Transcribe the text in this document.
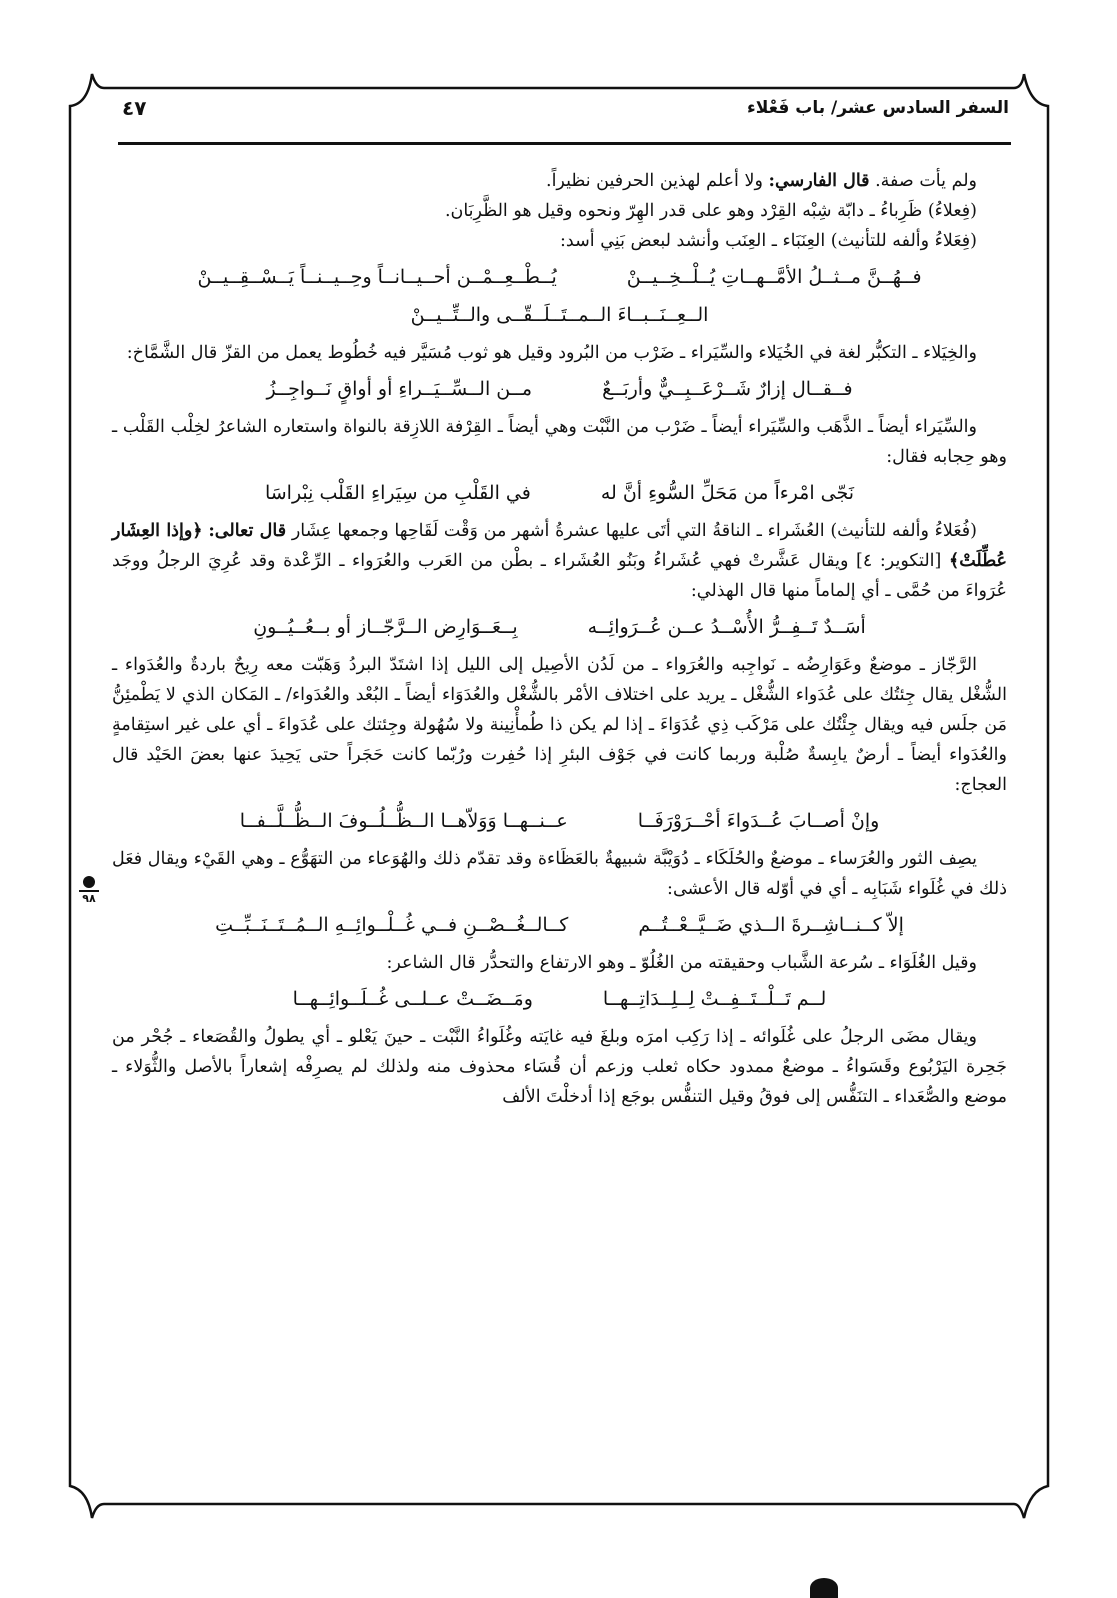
السفر السادس عشر/ باب فَعْلاء
٤٧
٩٨

ولم يأت صفة. قال الفارسي: ولا أعلم لهذين الحرفين نظيراً.

(فِعلاءُ) ظَرِباءُ ـ دابّة شِبْه القِرْد وهو على قدر الهِرّ ونحوه وقيل هو الظَّرِبَان.

(فِعَلاءُ وألفه للتأنيث) العِنَبَاء ـ العِنَب وأنشد لبعض بَنِي أسد:

فــهُــنَّ مــثــلُ الأمَّــهــاتِ يُــلْــخِــيــنْ
يُــطْــعِــمْــن أحــيــانــاً وحِــيــنــاً يَــسْــقِــيــنْ
الــعِــنَــبــاءَ الــمــتَــلَــقّــى والــتِّــيــنْ

والخِيَلاء ـ التكبُّر لغة في الخُيَلاء والسِّيَراء ـ ضَرْب من البُرود وقيل هو ثوب مُسَيَّر فيه خُطُوط يعمل من القزّ قال الشَّمَّاخ:

فــقــال إزارٌ شَــرْعَــبِــيٌّ وأربَــعٌ
مــن الــسِّــيَــراءِ أو أواقٍ نَــواجِــزُ

والسِّيَراء أيضاً ـ الذَّهَب والسِّيَراء أيضاً ـ ضَرْب من النَّبْت وهي أيضاً ـ القِرْفة اللازِقة بالنواة واستعاره الشاعرُ لخِلْب القَلْب ـ وهو حِجابه فقال:

نَجّى امْرءاً من مَحَلِّ السُّوءِ أنَّ له
في القَلْبِ من سِيَراءِ القَلْب نِبْراسَا

(فُعَلاءُ وألفه للتأنيث) العُشَراء ـ الناقةُ التي أتَى عليها عشرةُ أشهر من وَقْت لَقَاحِها وجمعها عِشَار قال تعالى: ﴿وإذا العِشَار عُطِّلَتْ﴾ [التكوير: ٤] ويقال عَشَّرتْ فهي عُشَراءُ وبَنُو العُشَراء ـ بطْن من العَرب والعُرَواء ـ الرِّعْدة وقد عُرِيَ الرجلُ ووجَد عُرَواءَ من حُمَّى ـ أي إلماماً منها قال الهذلي:

أسَــدٌ تَــفِــرُّ الأُسْــدُ عــن عُــرَوائِــه
بِــعَــوَارِض الــرَّجّــاز أو بــعُــيُــونِ

الرَّجّاز ـ موضعٌ وعَوَارِضُه ـ نَواجِبه والعُرَواء ـ من لَدُن الأصِيل إلى الليل إذا اشتَدّ البردُ وَهَبّت معه رِيحٌ باردةٌ والعُدَواء ـ الشُّغْل يقال جِئتُك على عُدَواء الشُّغْل ـ يريد على اختلاف الأمْر بالشُّغْل والعُدَوَاء أيضاً ـ البُعْد والعُدَواء/ ـ المَكان الذي لا يَطْمئِنُّ مَن جلَس فيه ويقال جِئْتُك على مَرْكَب ذِي عُدَوَاءَ ـ إذا لم يكن ذا طُمأْنِينة ولا سُهُولة وجِئتك على عُدَواءَ ـ أي على غير استِقامةٍ والعُدَواء أيضاً ـ أرضٌ يابِسةٌ صُلْبة وربما كانت في جَوْف البئرِ إذا حُفِرت ورُبّما كانت حَجَراً حتى يَحِيدَ عنها بعضَ الحَيْد قال العجاج:

وإنْ أصــابَ عُــدَواءَ أحْــرَوْرَفَــا
عــنــهــا وَوَلاّهــا الــظُّــلُــوفَ الــظُّــلَّــفــا

يصِف الثور والعُرَساء ـ موضعٌ والحُلَكَاء ـ دُوَيْبَّة شبيهةٌ بالعَظَاءة وقد تقدّم ذلك والهُوَعاء من التهَوُّع ـ وهي القَيْء ويقال فعَل ذلك في غُلَواء شَبَابِه ـ أي في أوّله قال الأعشى:

إلاّ كــنــاشِــرةَ الــذي ضَــيَّــعْــتُــم
كــالــغُــصْــنِ فــي غُــلْــوائِــهِ الــمُــتَــنَــبِّــتِ

وقيل الغُلَوَاء ـ سُرعة الشَّباب وحقيقته من الغُلُوّ ـ وهو الارتفاع والتحدُّر قال الشاعر:

لــم تَــلْــتَــفِــتْ لِــلِــدَاتِــهــا
ومَــضَــتْ عــلــى غُــلَــوائِــهــا

ويقال مضَى الرجلُ على غُلَوائه ـ إذا رَكِب امرَه وبلغَ فيه غايَته وغُلَواءُ النَّبْت ـ حينَ يَعْلو ـ أي يطولُ والقُصَعاء ـ جُحْر من جَحِرة اليَرْبُوع وقَسَواءُ ـ موضعٌ ممدود حكاه ثعلب وزعم أن قُسَاء محذوف منه ولذلك لم يصرِفْه إشعاراً بالأصل والثُّوَلاء ـ موضع والصُّعَداء ـ التنَفُّس إلى فوقُ وقيل التنفُّس بوجَع إذا أدخلْتَ الألف
